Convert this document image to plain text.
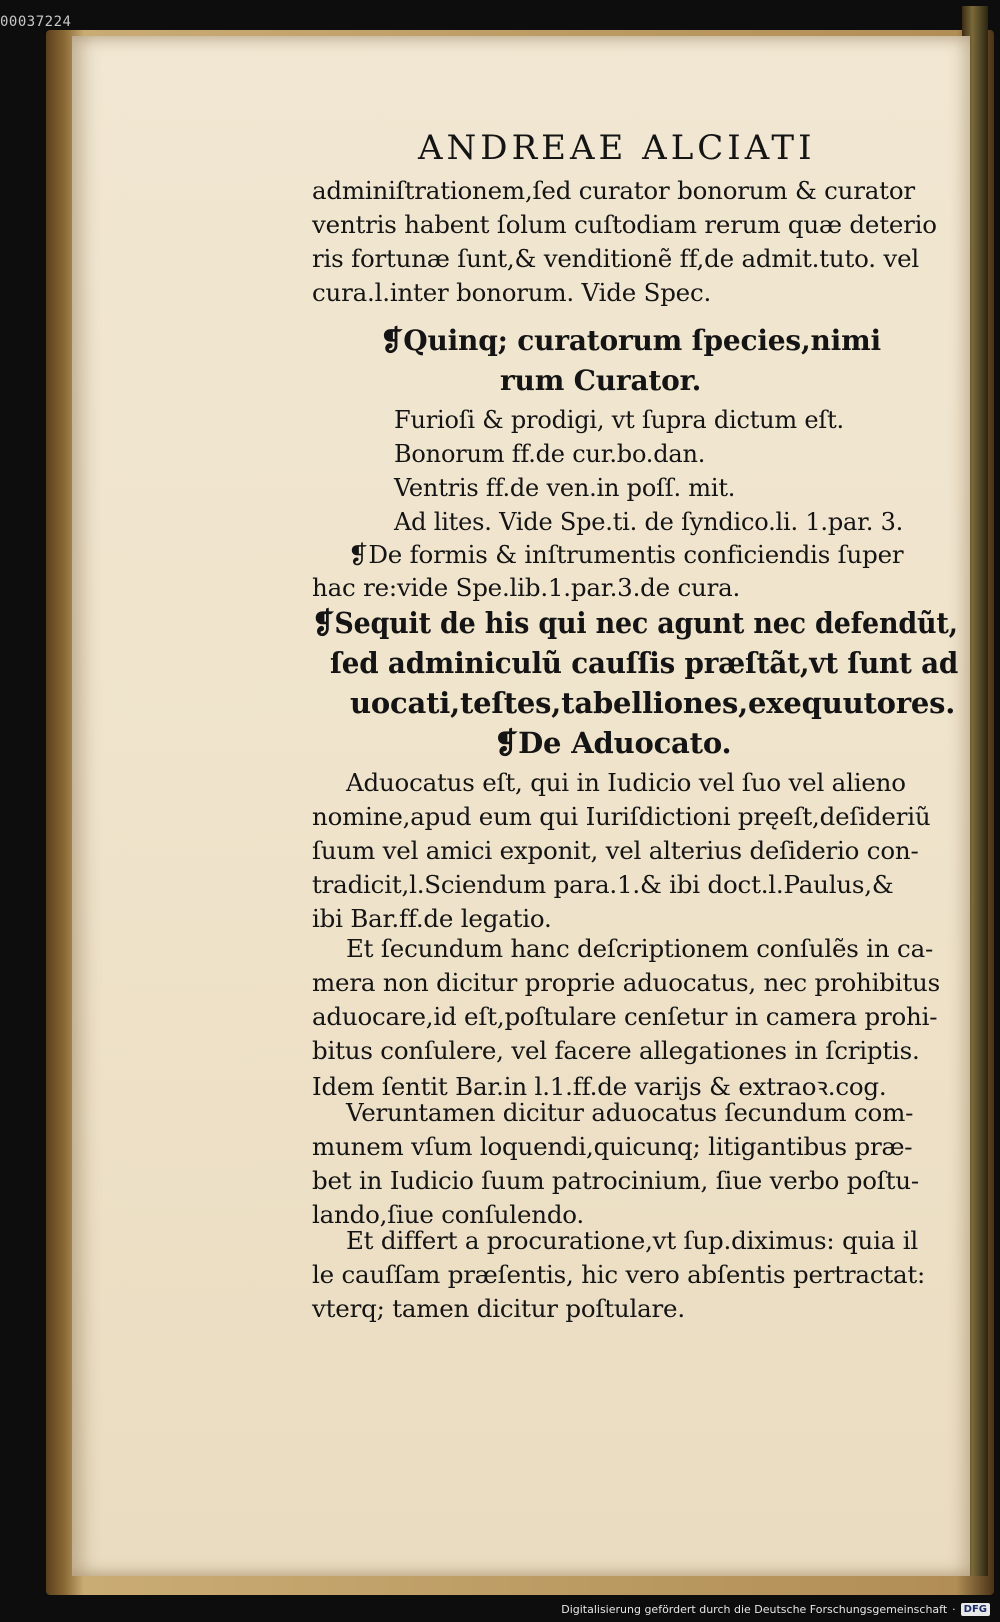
00037224

ANDREAE ALCIATI

adminiſtrationem,ſed curator bonorum & curator

ventris habent ſolum cuſtodiam rerum quæ deterio

ris fortunæ ſunt,& venditionẽ ff,de admit.tuto. vel

cura.l.inter bonorum. Vide Spec.

❡Quinq; curatorum ſpecies,nimi

rum Curator.

Furioſi & prodigi, vt ſupra dictum eſt.

Bonorum ff.de cur.bo.dan.

Ventris ff.de ven.in poſſ. mit.

Ad lites. Vide Spe.ti. de ſyndico.li. 1.par. 3.

❡De formis & inſtrumentis conficiendis ſuper

hac re:vide Spe.lib.1.par.3.de cura.

❡Sequit de his qui nec agunt nec defendũt,

ſed adminiculũ cauſſis præſtãt,vt ſunt ad

uocati,teſtes,tabelliones,exequutores.

❡De Aduocato.

Aduocatus eſt, qui in Iudicio vel ſuo vel alieno

nomine,apud eum qui Iuriſdictioni pręeſt,deſideriũ

ſuum vel amici exponit, vel alterius deſiderio con-

tradicit,l.Sciendum para.1.& ibi doct.l.Paulus,&

ibi Bar.ff.de legatio.

Et ſecundum hanc deſcriptionem conſulẽs in ca-

mera non dicitur proprie aduocatus, nec prohibitus

aduocare,id eſt,poſtulare cenſetur in camera prohi-

bitus conſulere, vel facere allegationes in ſcriptis.

Idem ſentit Bar.in l.1.ff.de varijs & extraoꝛ.cog.

Veruntamen dicitur aduocatus ſecundum com-

munem vſum loquendi,quicunq; litigantibus præ-

bet in Iudicio ſuum patrocinium, ſiue verbo poſtu-

lando,ſiue conſulendo.

Et differt a procuratione,vt ſup.diximus: quia il

le cauſſam præſentis, hic vero abſentis pertractat:

vterq; tamen dicitur poſtulare.

Digitalisierung gefördert durch die Deutsche Forschungsgemeinschaft · DFG
